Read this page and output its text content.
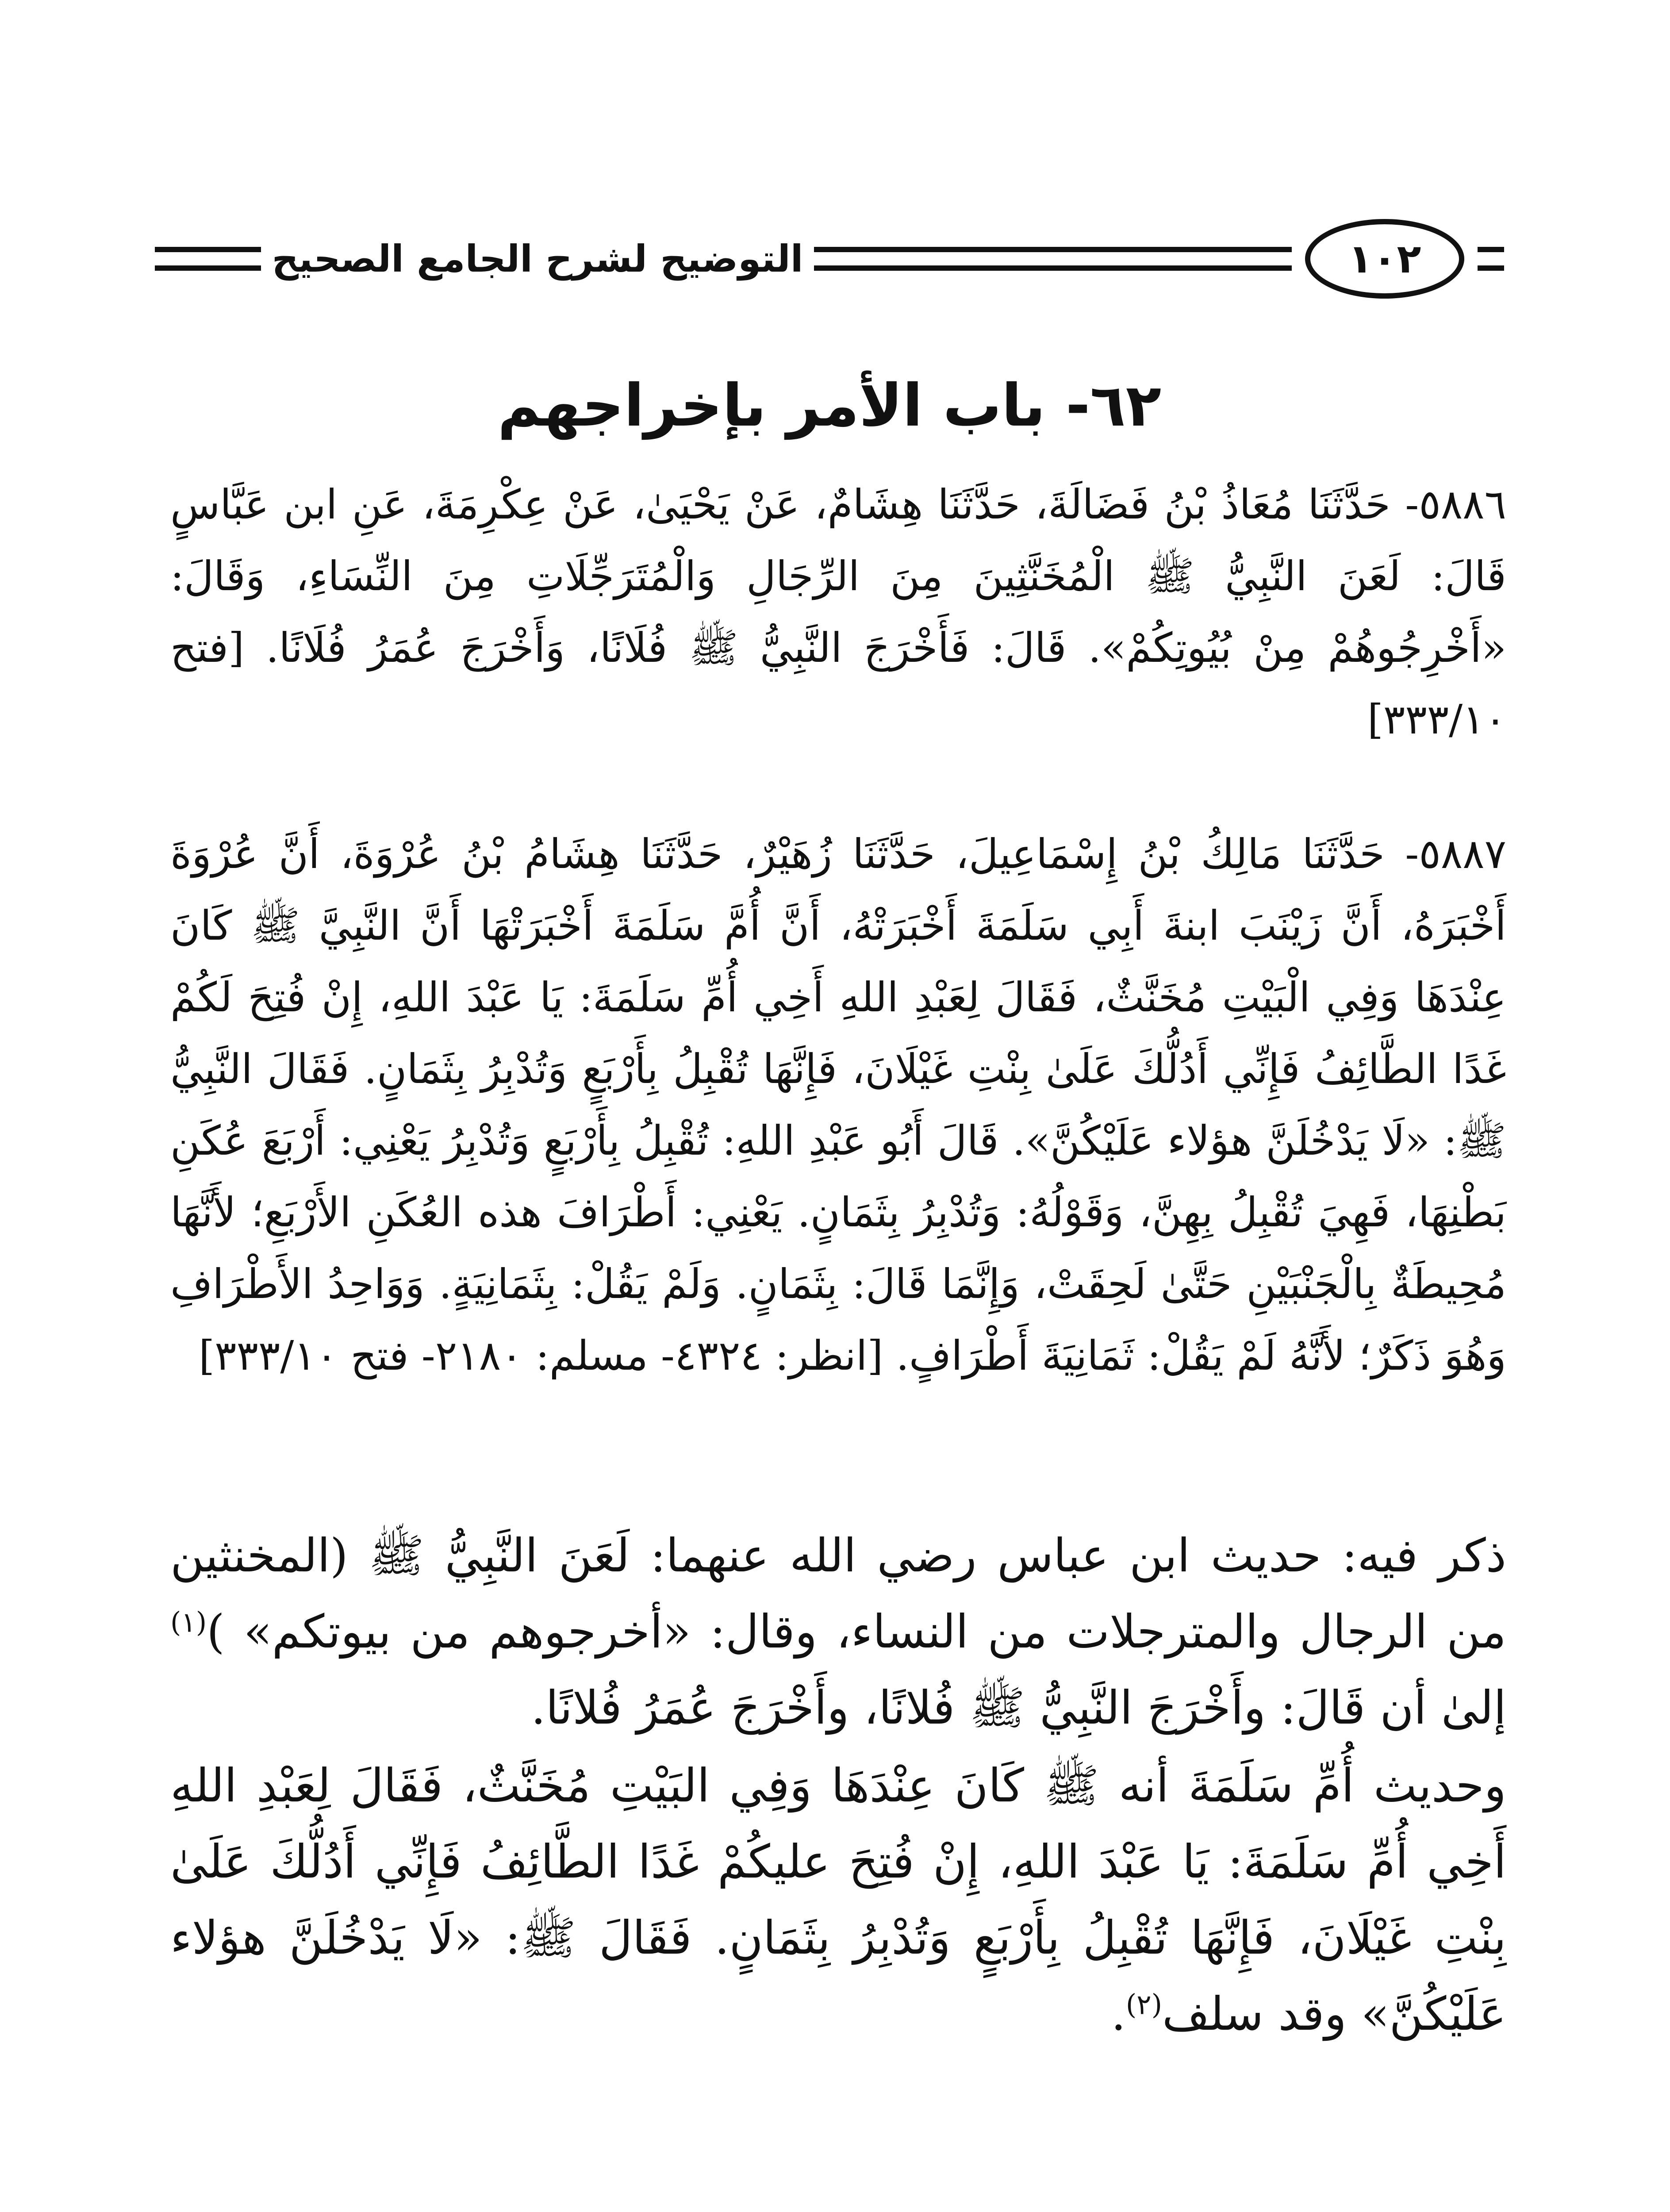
١٠٢
التوضيح لشرح الجامع الصحيح
٦٢- باب الأمر بإخراجهم

٥٨٨٦- حَدَّثَنَا مُعَاذُ بْنُ فَضَالَةَ، حَدَّثَنَا هِشَامٌ، عَنْ يَحْيَىٰ، عَنْ عِكْرِمَةَ، عَنِ ابن عَبَّاسٍ قَالَ: لَعَنَ النَّبِيُّ ﷺ الْمُخَنَّثِينَ مِنَ الرِّجَالِ وَالْمُتَرَجِّلَاتِ مِنَ النِّسَاءِ، وَقَالَ: «أَخْرِجُوهُمْ مِنْ بُيُوتِكُمْ». قَالَ: فَأَخْرَجَ النَّبِيُّ ﷺ فُلَانًا، وَأَخْرَجَ عُمَرُ فُلَانًا. [فتح ٣٣٣/١٠]

٥٨٨٧- حَدَّثَنَا مَالِكُ بْنُ إِسْمَاعِيلَ، حَدَّثَنَا زُهَيْرٌ، حَدَّثَنَا هِشَامُ بْنُ عُرْوَةَ، أَنَّ عُرْوَةَ أَخْبَرَهُ، أَنَّ زَيْنَبَ ابنةَ أَبِي سَلَمَةَ أَخْبَرَتْهُ، أَنَّ أُمَّ سَلَمَةَ أَخْبَرَتْهَا أَنَّ النَّبِيَّ ﷺ كَانَ عِنْدَهَا وَفِي الْبَيْتِ مُخَنَّثٌ، فَقَالَ لِعَبْدِ اللهِ أَخِي أُمِّ سَلَمَةَ: يَا عَبْدَ اللهِ، إِنْ فُتِحَ لَكُمْ غَدًا الطَّائِفُ فَإِنِّي أَدُلُّكَ عَلَىٰ بِنْتِ غَيْلَانَ، فَإِنَّهَا تُقْبِلُ بِأَرْبَعٍ وَتُدْبِرُ بِثَمَانٍ. فَقَالَ النَّبِيُّ ﷺ: «لَا يَدْخُلَنَّ هؤلاء عَلَيْكُنَّ». قَالَ أَبُو عَبْدِ اللهِ: تُقْبِلُ بِأَرْبَعٍ وَتُدْبِرُ يَعْنِي: أَرْبَعَ عُكَنِ بَطْنِهَا، فَهِيَ تُقْبِلُ بِهِنَّ، وَقَوْلُهُ: وَتُدْبِرُ بِثَمَانٍ. يَعْنِي: أَطْرَافَ هذه العُكَنِ الأَرْبَعِ؛ لأَنَّهَا مُحِيطَةٌ بِالْجَنْبَيْنِ حَتَّىٰ لَحِقَتْ، وَإِنَّمَا قَالَ: بِثَمَانٍ. وَلَمْ يَقُلْ: بِثَمَانِيَةٍ. وَوَاحِدُ الأَطْرَافِ وَهُوَ ذَكَرٌ؛ لأَنَّهُ لَمْ يَقُلْ: ثَمَانِيَةَ أَطْرَافٍ. [انظر: ٤٣٢٤- مسلم: ٢١٨٠- فتح ٣٣٣/١٠]

ذكر فيه: حديث ابن عباس رضي الله عنهما: لَعَنَ النَّبِيُّ ﷺ (المخنثين من الرجال والمترجلات من النساء، وقال: «أخرجوهم من بيوتكم» )$^{(١)}$ إلىٰ أن قَالَ: وأَخْرَجَ النَّبِيُّ ﷺ فُلانًا، وأَخْرَجَ عُمَرُ فُلانًا.

وحديث أُمِّ سَلَمَةَ أنه ﷺ كَانَ عِنْدَهَا وَفِي البَيْتِ مُخَنَّثٌ، فَقَالَ لِعَبْدِ اللهِ أَخِي أُمِّ سَلَمَةَ: يَا عَبْدَ اللهِ، إِنْ فُتِحَ عليكُمْ غَدًا الطَّائِفُ فَإِنِّي أَدُلُّكَ عَلَىٰ بِنْتِ غَيْلَانَ، فَإِنَّهَا تُقْبِلُ بِأَرْبَعٍ وَتُدْبِرُ بِثَمَانٍ. فَقَالَ ﷺ: «لَا يَدْخُلَنَّ هؤلاء عَلَيْكُنَّ» وقد سلف$^{(٢)}$.
